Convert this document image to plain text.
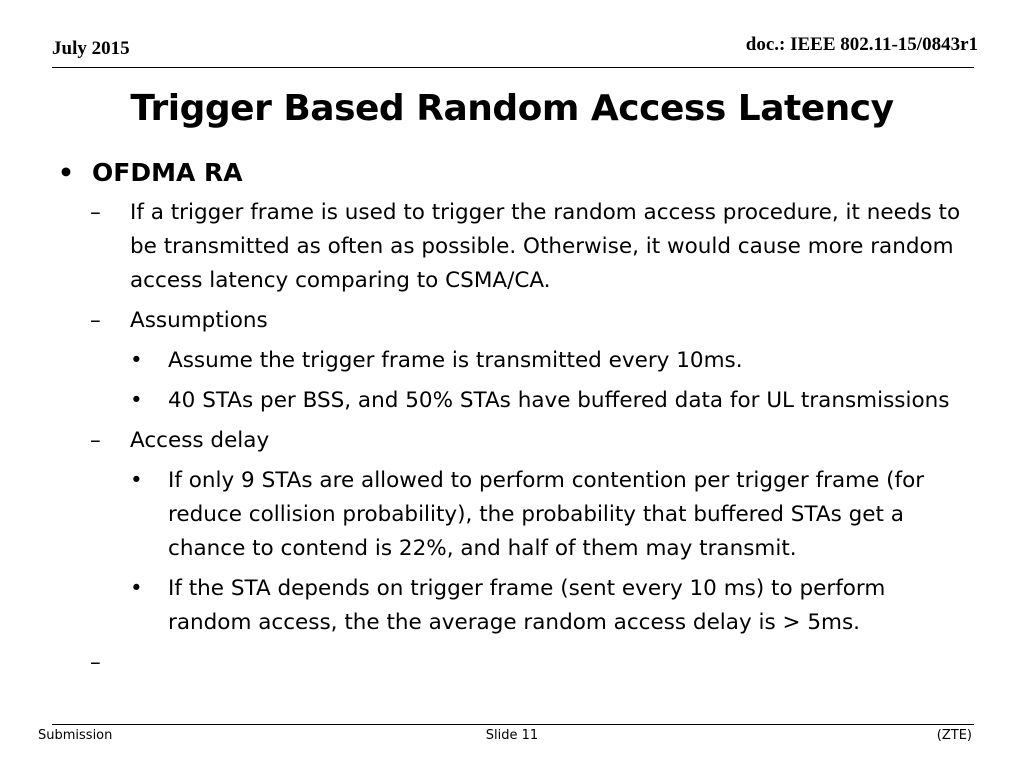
July 2015	doc.: IEEE 802.11-15/0843r1
Trigger Based Random Access Latency
• OFDMA RA
– If a trigger frame is used to trigger the random access procedure, it needs to be transmitted as often as possible. Otherwise, it would cause more random access latency comparing to CSMA/CA.
– Assumptions
• Assume the trigger frame is transmitted every 10ms.
• 40 STAs per BSS, and 50% STAs have buffered data for UL transmissions
– Access delay
• If only 9 STAs are allowed to perform contention per trigger frame (for reduce collision probability), the probability that buffered STAs get a chance to contend is 22%, and half of them may transmit.
• If the STA depends on trigger frame (sent every 10 ms) to perform random access, the the average random access delay is > 5ms.
–
Submission	Slide 11	(ZTE)
